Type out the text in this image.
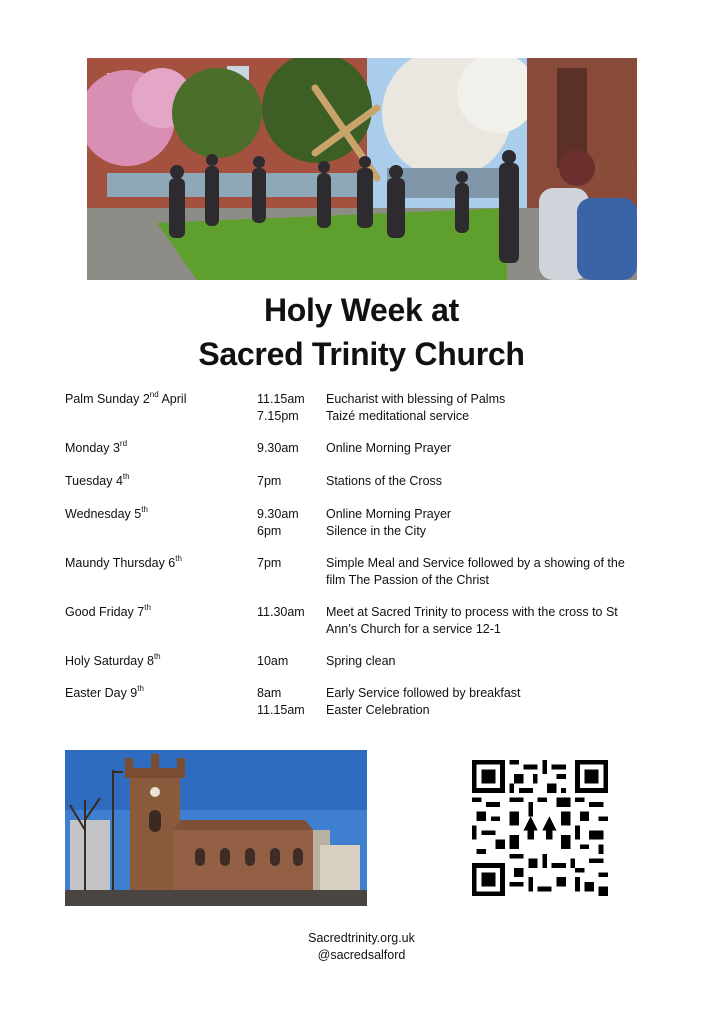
Holy Week at
Sacred Trinity Church
Palm Sunday 2nd April	11.15am	Eucharist with blessing of Palms
7.15pm	Taizé meditational service
Monday 3rd	9.30am	Online Morning Prayer
Tuesday 4th	7pm	Stations of the Cross
Wednesday 5th	9.30am	Online Morning Prayer
6pm	Silence in the City
Maundy Thursday 6th	7pm	Simple Meal and Service followed by a showing of the
film The Passion of the Christ
Good Friday 7th	11.30am	Meet at Sacred Trinity to process with the cross to St
Ann’s Church for a service 12-1
Holy Saturday 8th	10am	Spring clean
Easter Day 9th	8am	Early Service followed by breakfast
11.15am	Easter Celebration
Sacredtrinity.org.uk
@sacredsalford
